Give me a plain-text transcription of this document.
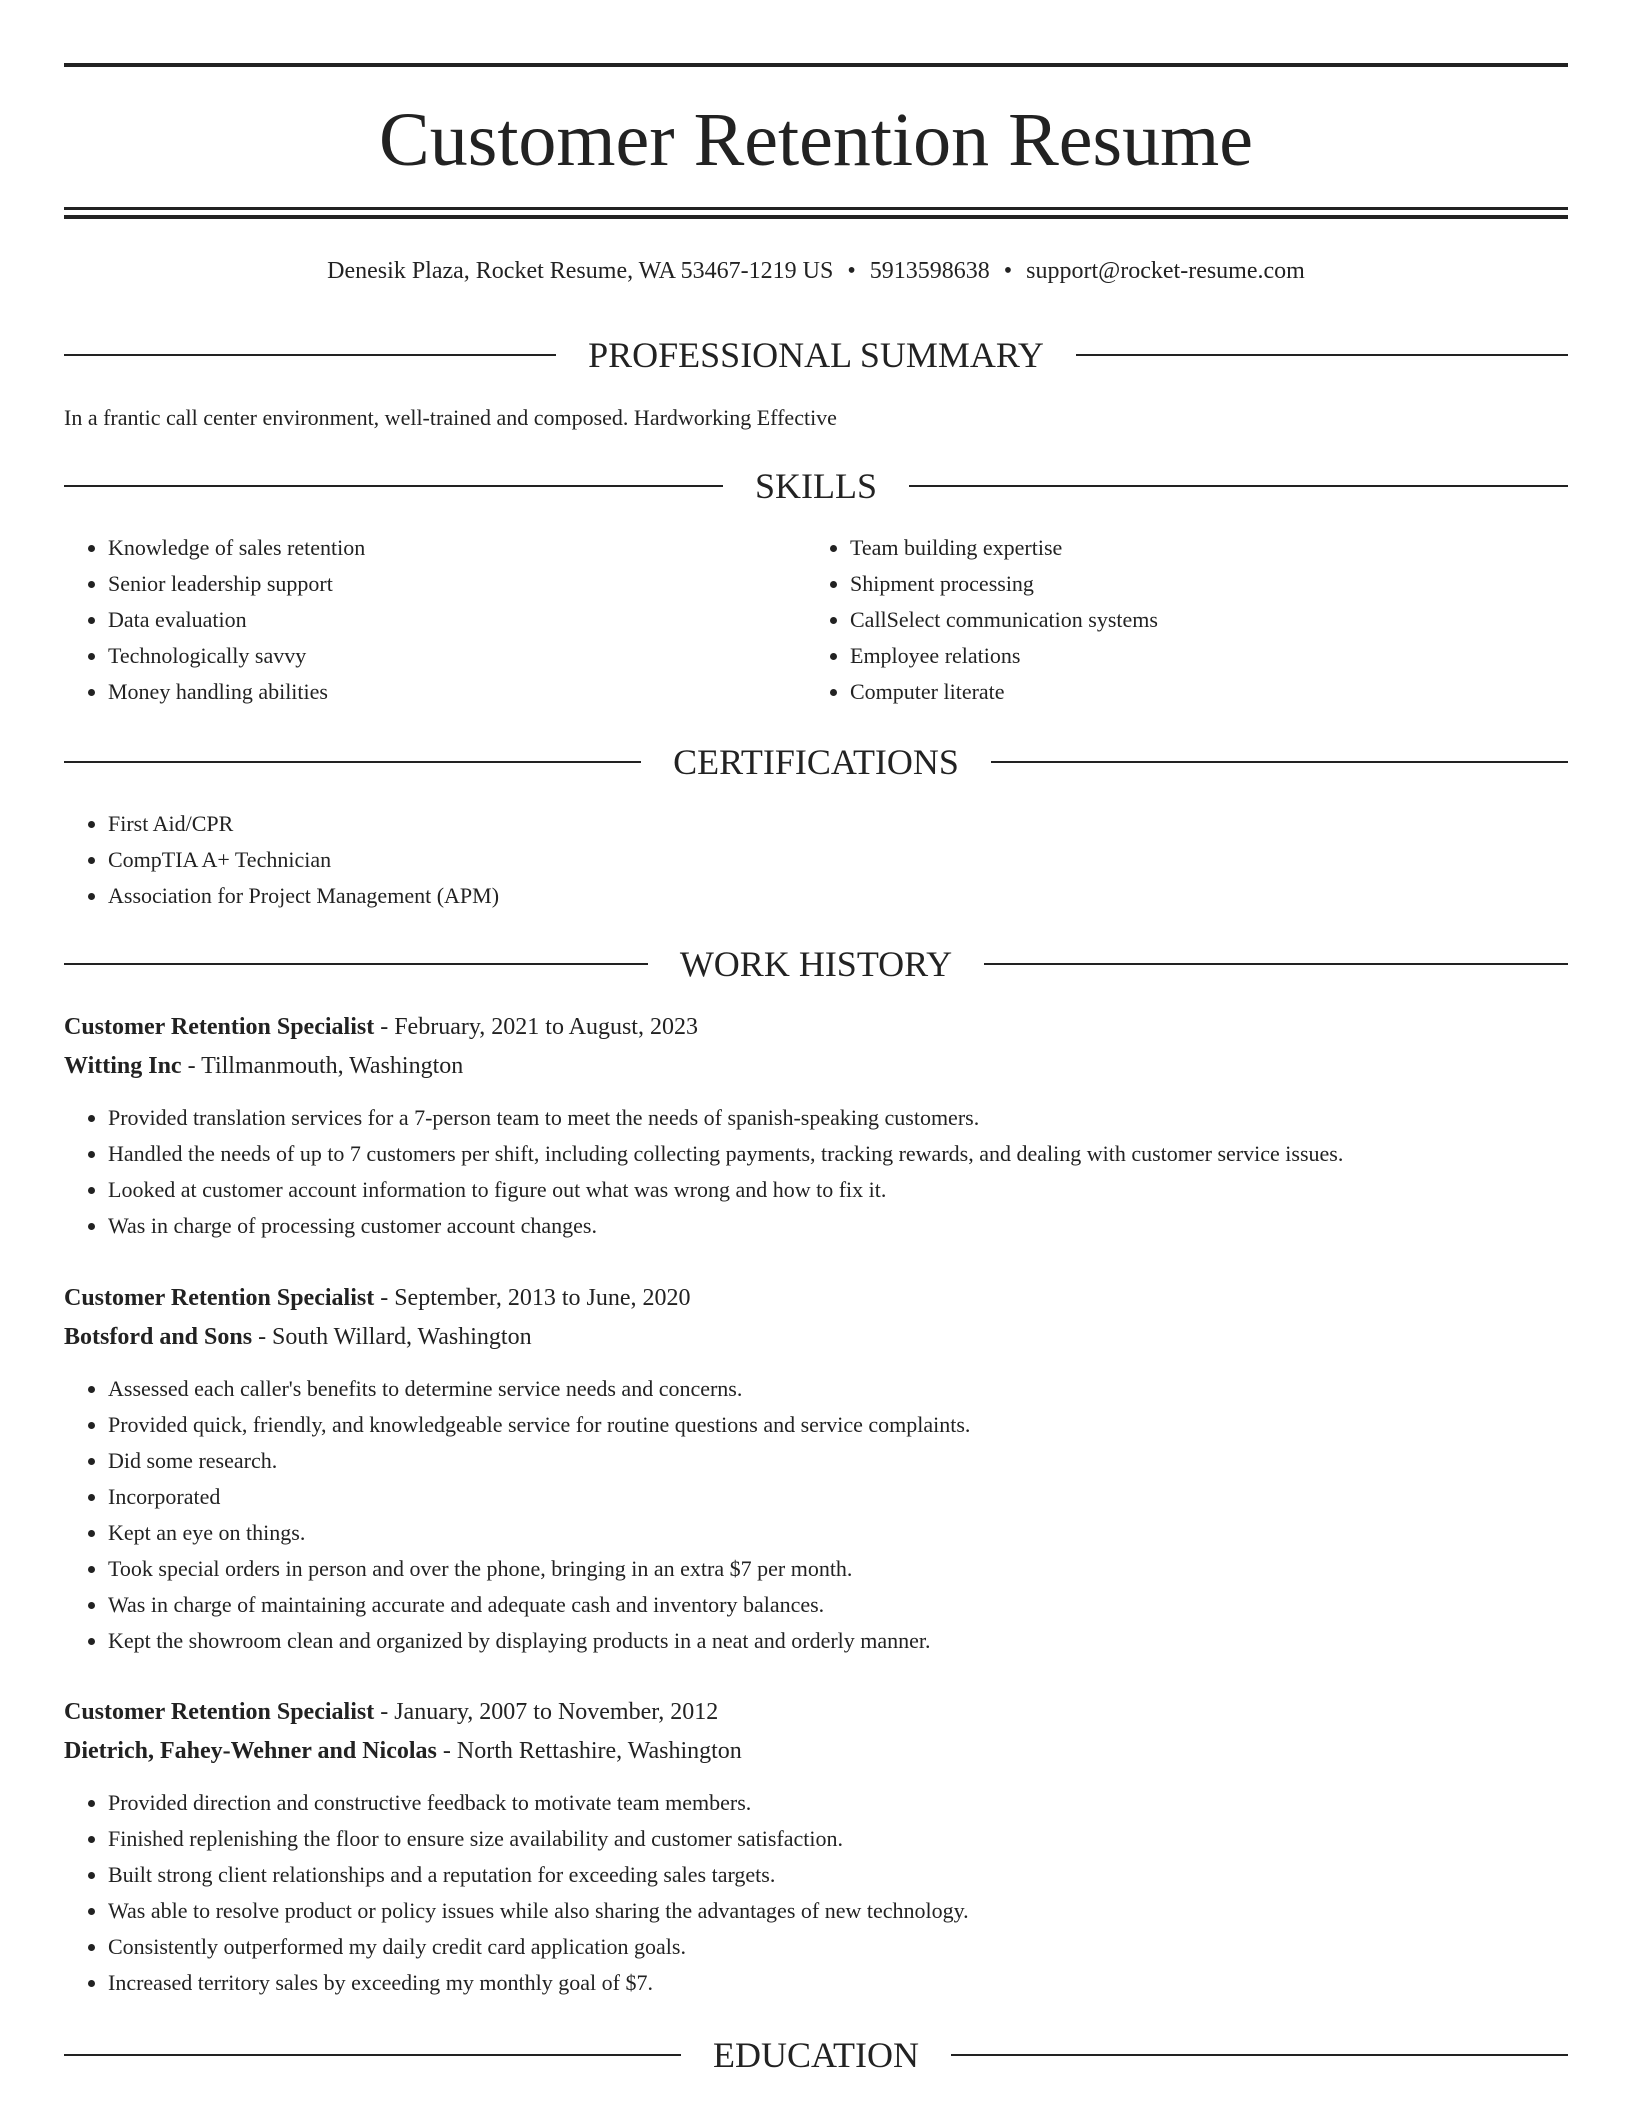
Customer Retention Resume
Denesik Plaza, Rocket Resume, WA 53467-1219 US • 5913598638 • support@rocket-resume.com
PROFESSIONAL SUMMARY
In a frantic call center environment, well-trained and composed. Hardworking Effective
SKILLS
• Knowledge of sales retention
• Senior leadership support
• Data evaluation
• Technologically savvy
• Money handling abilities
• Team building expertise
• Shipment processing
• CallSelect communication systems
• Employee relations
• Computer literate
CERTIFICATIONS
• First Aid/CPR
• CompTIA A+ Technician
• Association for Project Management (APM)
WORK HISTORY
Customer Retention Specialist - February, 2021 to August, 2023
Witting Inc - Tillmanmouth, Washington
• Provided translation services for a 7-person team to meet the needs of spanish-speaking customers.
• Handled the needs of up to 7 customers per shift, including collecting payments, tracking rewards, and dealing with customer service issues.
• Looked at customer account information to figure out what was wrong and how to fix it.
• Was in charge of processing customer account changes.
Customer Retention Specialist - September, 2013 to June, 2020
Botsford and Sons - South Willard, Washington
• Assessed each caller's benefits to determine service needs and concerns.
• Provided quick, friendly, and knowledgeable service for routine questions and service complaints.
• Did some research.
• Incorporated
• Kept an eye on things.
• Took special orders in person and over the phone, bringing in an extra $7 per month.
• Was in charge of maintaining accurate and adequate cash and inventory balances.
• Kept the showroom clean and organized by displaying products in a neat and orderly manner.
Customer Retention Specialist - January, 2007 to November, 2012
Dietrich, Fahey-Wehner and Nicolas - North Rettashire, Washington
• Provided direction and constructive feedback to motivate team members.
• Finished replenishing the floor to ensure size availability and customer satisfaction.
• Built strong client relationships and a reputation for exceeding sales targets.
• Was able to resolve product or policy issues while also sharing the advantages of new technology.
• Consistently outperformed my daily credit card application goals.
• Increased territory sales by exceeding my monthly goal of $7.
EDUCATION
